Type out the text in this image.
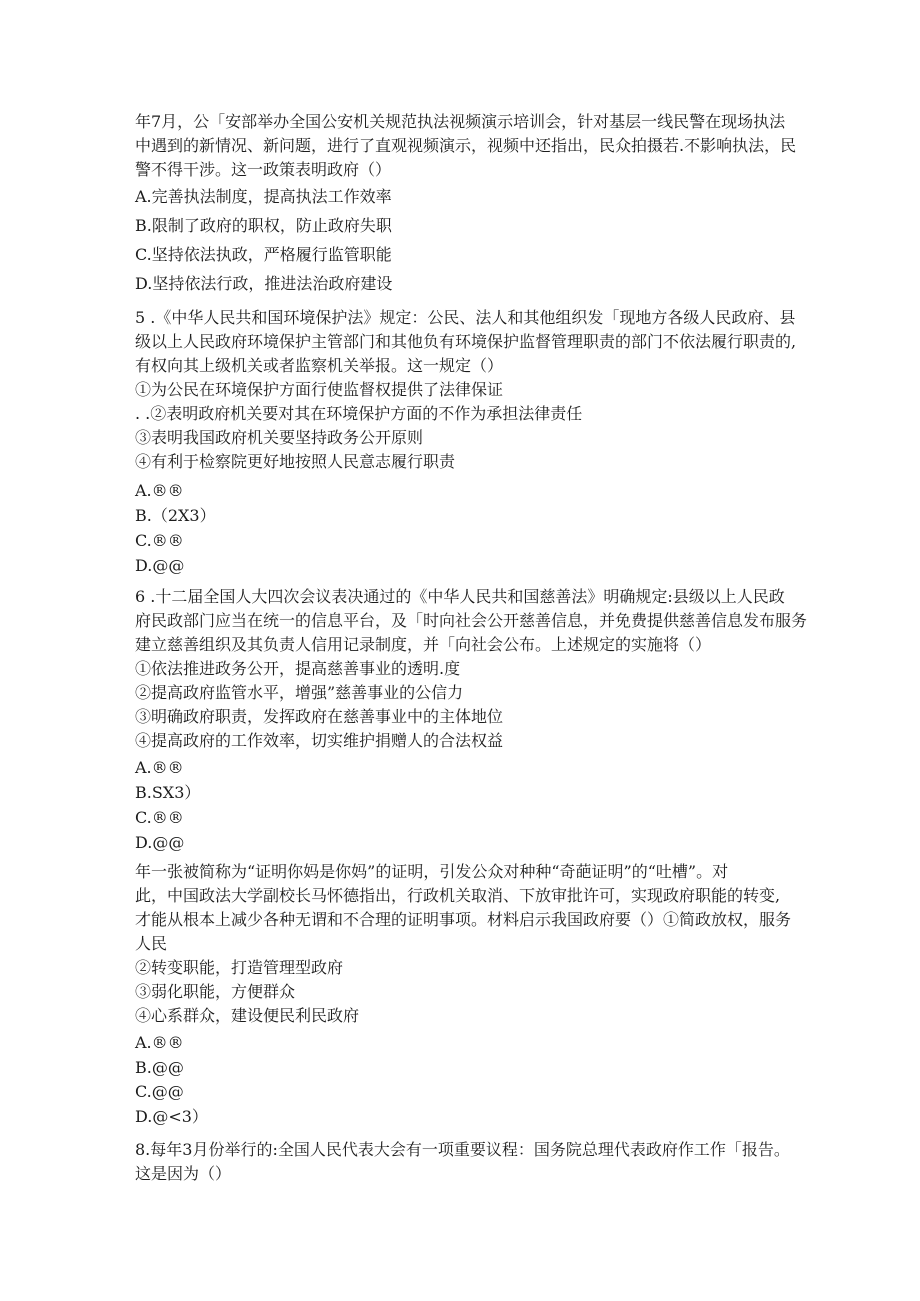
年7月，公「安部举办全国公安机关规范执法视频演示培训会，针对基层一线民警在现场执法
中遇到的新情况、新问题，进行了直观视频演示，视频中还指出，民众拍摄若.不影响执法，民
警不得干涉。这一政策表明政府（）
A.完善执法制度，提高执法工作效率
B.限制了政府的职权，防止政府失职
C.坚持依法执政，严格履行监管职能
D.坚持依法行政，推进法治政府建设
5 .《中华人民共和国环境保护法》规定：公民、法人和其他组织发「现地方各级人民政府、县
级以上人民政府环境保护主管部门和其他负有环境保护监督管理职责的部门不依法履行职责的,
有权向其上级机关或者监察机关举报。这一规定（）
①为公民在环境保护方面行使监督权提供了法律保证
. .②表明政府机关要对其在环境保护方面的不作为承担法律责任
③表明我国政府机关要坚持政务公开原则
④有利于检察院更好地按照人民意志履行职责
A.®®
B.（2X3）
C.®®
D.@@
6 .十二届全国人大四次会议表决通过的《中华人民共和国慈善法》明确规定:县级以上人民政
府民政部门应当在统一的信息平台，及「时向社会公开慈善信息，并免费提供慈善信息发布服务
建立慈善组织及其负责人信用记录制度，并「向社会公布。上述规定的实施将（）
①依法推进政务公开，提高慈善事业的透明.度
②提高政府监管水平，增强”慈善事业的公信力
③明确政府职责，发挥政府在慈善事业中的主体地位
④提高政府的工作效率，切实维护捐赠人的合法权益
A.®®
B.SX3）
C.®®
D.@@
年一张被简称为“证明你妈是你妈”的证明，引发公众对种种“奇葩证明”的“吐槽”。对
此，中国政法大学副校长马怀德指出，行政机关取消、下放审批许可，实现政府职能的转变,
才能从根本上减少各种无谓和不合理的证明事项。材料启示我国政府要（）①简政放权，服务
人民
②转变职能，打造管理型政府
③弱化职能，方便群众
④心系群众，建设便民利民政府
A.®®
B.@@
C.@@
D.@<3）
8.每年3月份举行的:全国人民代表大会有一项重要议程：国务院总理代表政府作工作「报告。
这是因为（）
